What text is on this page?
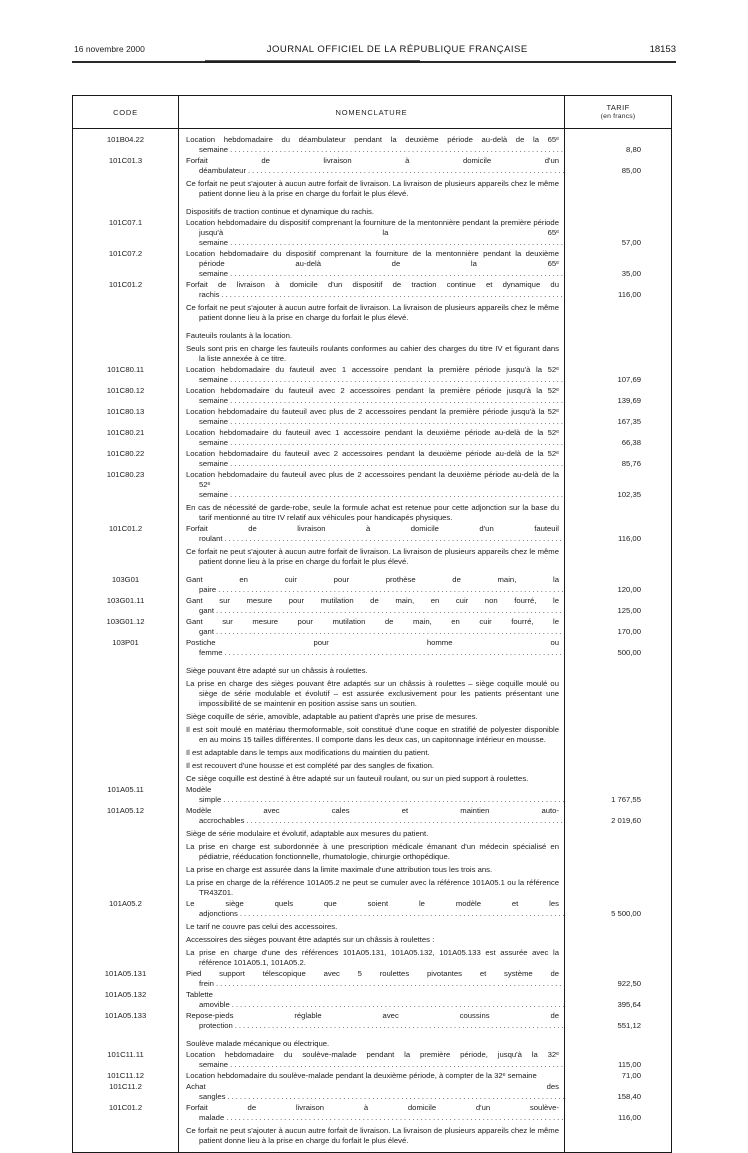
16 novembre 2000	JOURNAL OFFICIEL DE LA RÉPUBLIQUE FRANÇAISE	18153
CODE	NOMENCLATURE	TARIF
(en francs)
101B04.22	Location hebdomadaire du déambulateur pendant la deuxième période au-delà de la 65ᵉ semaine .....	8,80
101C01.3	Forfait de livraison à domicile d'un déambulateur .....	85,00
Ce forfait ne peut s'ajouter à aucun autre forfait de livraison. La livraison de plusieurs appareils chez le même patient donne lieu à la prise en charge du forfait le plus élevé.
Dispositifs de traction continue et dynamique du rachis.
101C07.1	Location hebdomadaire du dispositif comprenant la fourniture de la mentonnière pendant la première période jusqu'à la 65ᵉ semaine .....	57,00
101C07.2	Location hebdomadaire du dispositif comprenant la fourniture de la mentonnière pendant la deuxième période au-delà de la 65ᵉ semaine .....	35,00
101C01.2	Forfait de livraison à domicile d'un dispositif de traction continue et dynamique du rachis .....	116,00
Ce forfait ne peut s'ajouter à aucun autre forfait de livraison. La livraison de plusieurs appareils chez le même patient donne lieu à la prise en charge du forfait le plus élevé.
Fauteuils roulants à la location.
Seuls sont pris en charge les fauteuils roulants conformes au cahier des charges du titre IV et figurant dans la liste annexée à ce titre.
101C80.11	Location hebdomadaire du fauteuil avec 1 accessoire pendant la première période jusqu'à la 52ᵉ semaine .....	107,69
101C80.12	Location hebdomadaire du fauteuil avec 2 accessoires pendant la première période jusqu'à la 52ᵉ semaine .....	139,69
101C80.13	Location hebdomadaire du fauteuil avec plus de 2 accessoires pendant la première période jusqu'à la 52ᵉ semaine .....	167,35
101C80.21	Location hebdomadaire du fauteuil avec 1 accessoire pendant la deuxième période au-delà de la 52ᵉ semaine .....	66,38
101C80.22	Location hebdomadaire du fauteuil avec 2 accessoires pendant la deuxième période au-delà de la 52ᵉ semaine .....	85,76
101C80.23	Location hebdomadaire du fauteuil avec plus de 2 accessoires pendant la deuxième période au-delà de la 52ᵉ semaine .....	102,35
En cas de nécessité de garde-robe, seule la formule achat est retenue pour cette adjonction sur la base du tarif mentionné au titre IV relatif aux véhicules pour handicapés physiques.
101C01.2	Forfait de livraison à domicile d'un fauteuil roulant .....	116,00
Ce forfait ne peut s'ajouter à aucun autre forfait de livraison. La livraison de plusieurs appareils chez le même patient donne lieu à la prise en charge du forfait le plus élevé.
103G01	Gant en cuir pour prothèse de main, la paire .....	120,00
103G01.11	Gant sur mesure pour mutilation de main, en cuir non fourré, le gant .....	125,00
103G01.12	Gant sur mesure pour mutilation de main, en cuir fourré, le gant .....	170,00
103P01	Postiche pour homme ou femme .....	500,00
Siège pouvant être adapté sur un châssis à roulettes.
La prise en charge des sièges pouvant être adaptés sur un châssis à roulettes – siège coquille moulé ou siège de série modulable et évolutif – est assurée exclusivement pour les patients présentant une impossibilité de se maintenir en position assise sans un soutien.
Siège coquille de série, amovible, adaptable au patient d'après une prise de mesures.
Il est soit moulé en matériau thermoformable, soit constitué d'une coque en stratifié de polyester disponible en au moins 15 tailles différentes. Il comporte dans les deux cas, un capitonnage intérieur en mousse.
Il est adaptable dans le temps aux modifications du maintien du patient.
Il est recouvert d'une housse et est complété par des sangles de fixation.
Ce siège coquille est destiné à être adapté sur un fauteuil roulant, ou sur un pied support à roulettes.
101A05.11	Modèle simple .....	1 767,55
101A05.12	Modèle avec cales et maintien auto-accrochables .....	2 019,60
Siège de série modulaire et évolutif, adaptable aux mesures du patient.
La prise en charge est subordonnée à une prescription médicale émanant d'un médecin spécialisé en pédiatrie, rééducation fonctionnelle, rhumatologie, chirurgie orthopédique.
La prise en charge est assurée dans la limite maximale d'une attribution tous les trois ans.
La prise en charge de la référence 101A05.2 ne peut se cumuler avec la référence 101A05.1 ou la référence TR43Z01.
101A05.2	Le siège quels que soient le modèle et les adjonctions .....	5 500,00
Le tarif ne couvre pas celui des accessoires.
Accessoires des sièges pouvant être adaptés sur un châssis à roulettes :
La prise en charge d'une des références 101A05.131, 101A05.132, 101A05.133 est assurée avec la référence 101A05.1, 101A05.2.
101A05.131	Pied support télescopique avec 5 roulettes pivotantes et système de frein .....	922,50
101A05.132	Tablette amovible .....	395,64
101A05.133	Repose-pieds réglable avec coussins de protection .....	551,12
Soulève malade mécanique ou électrique.
101C11.11	Location hebdomadaire du soulève-malade pendant la première période, jusqu'à la 32ᵉ semaine .....	115,00
101C11.12	Location hebdomadaire du soulève-malade pendant la deuxième période, à compter de la 32ᵉ semaine	71,00
101C11.2	Achat des sangles .....	158,40
101C01.2	Forfait de livraison à domicile d'un soulève-malade .....	116,00
Ce forfait ne peut s'ajouter à aucun autre forfait de livraison. La livraison de plusieurs appareils chez le même patient donne lieu à la prise en charge du forfait le plus élevé.
